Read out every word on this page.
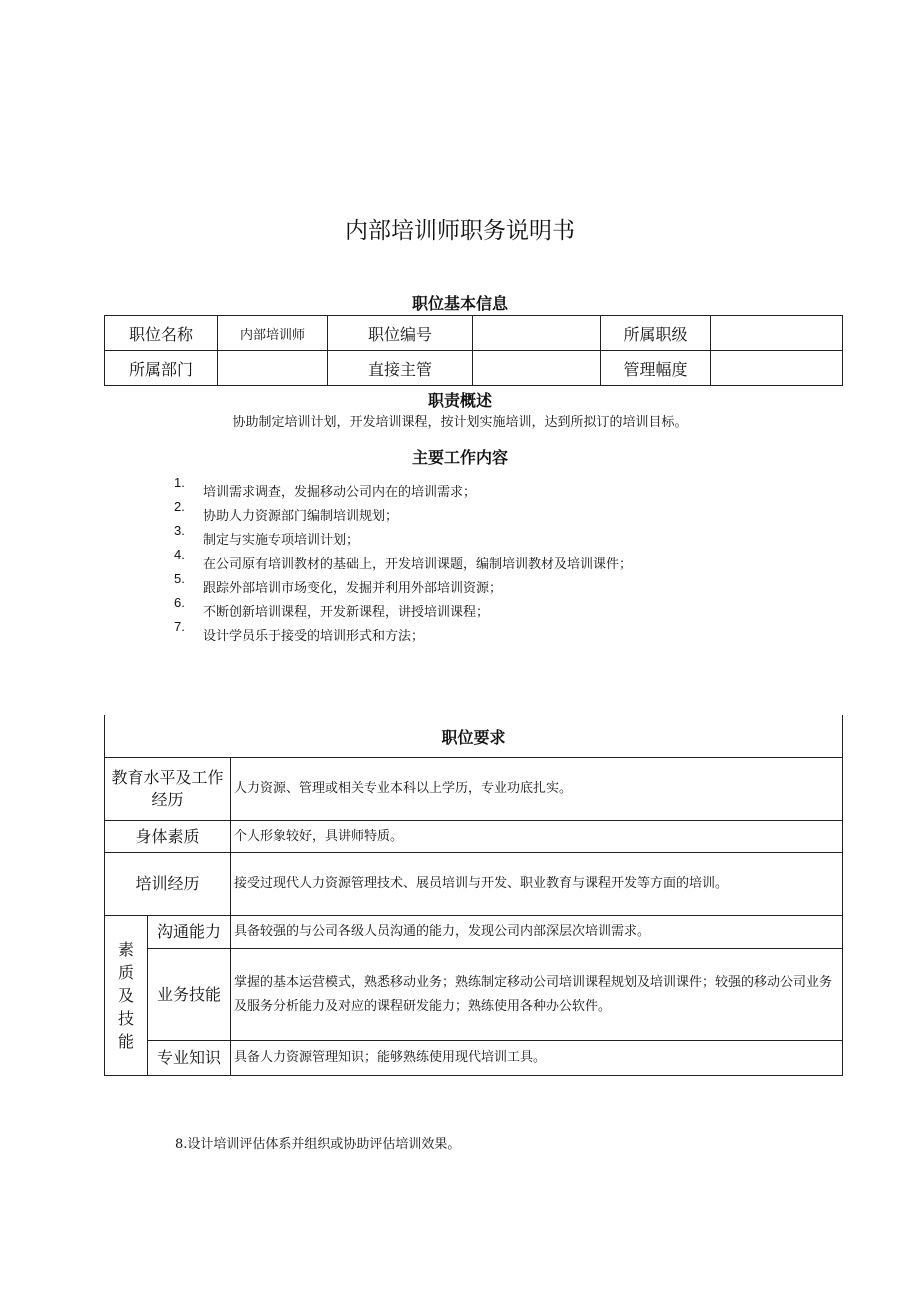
内部培训师职务说明书
职位基本信息
职位名称	内部培训师	职位编号		所属职级	
所属部门		直接主管		管理幅度	
职责概述
协助制定培训计划，开发培训课程，按计划实施培训，达到所拟订的培训目标。
主要工作内容
1.
培训需求调查，发掘移动公司内在的培训需求；
2.
协助人力资源部门编制培训规划；
3.
制定与实施专项培训计划；
4.
在公司原有培训教材的基础上，开发培训课题，编制培训教材及培训课件；
5.
跟踪外部培训市场变化，发掘并利用外部培训资源；
6.
不断创新培训课程，开发新课程，讲授培训课程；
7.
设计学员乐于接受的培训形式和方法；
职位要求		
教育水平及工作经历		人力资源、管理或相关专业本科以上学历，专业功底扎实。
身体素质		个人形象较好，具讲师特质。
培训经历		接受过现代人力资源管理技术、展员培训与开发、职业教育与课程开发等方面的培训。

素质及技能	沟通能力	具备较强的与公司各级人员沟通的能力，发现公司内部深层次培训需求。
	业务技能	掌握的基本运营模式，熟悉移动业务；熟练制定移动公司培训课程规划及培训课件；较强的移动公司业务及服务分析能力及对应的课程研发能力；熟练使用各种办公软件。
	专业知识	具备人力资源管理知识；能够熟练使用现代培训工具。
8.设计培训评估体系并组织或协助评估培训效果。
